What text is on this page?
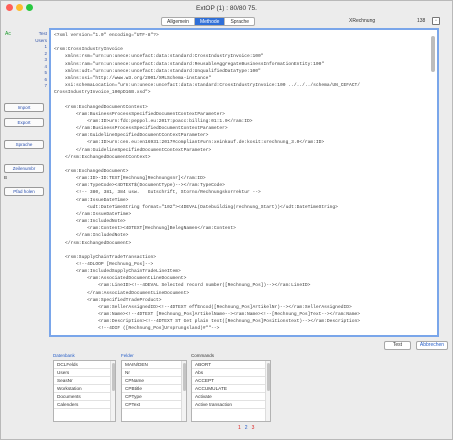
ExtOP (1) : 80/80 75.
Allgemein	Methode	Sprache	XRechnung	138	▫
Ac	Test
Users
1
2
3
4
5
6
7
Import
Export
Sprache
Zeilenumbr
B
Pfad holen
<?xml version="1.0" encoding="UTF-8"?>

<rsm:CrossIndustryInvoice
xmlns:rsm="urn:un:unece:uncefact:data:standard:CrossIndustryInvoice:100"
xmlns:ram="urn:un:unece:uncefact:data:standard:ReusableAggregateBusinessInformationEntity:100"
xmlns:udt="urn:un:unece:uncefact:data:standard:UnqualifiedDataType:100"
xmlns:xsi="http://www.w3.org/2001/XMLSchema-instance"
xsi:schemaLocation="urn:un:unece:uncefact:data:standard:CrossIndustryInvoice:100 ../../../schema/UN_CEFACT/
CrossIndustryInvoice_100pD16B.xsd">

<rsm:ExchangedDocumentContext>
<ram:BusinessProcessSpecifiedDocumentContextParameter>
<ram:ID>urn:fdc:peppol.eu:2017:poacc:billing:01:1.0</ram:ID>
</ram:BusinessProcessSpecifiedDocumentContextParameter>
<ram:GuidelineSpecifiedDocumentContextParameter>
<ram:ID>urn:cen.eu:en16931:2017#compliant#urn:xeinkauf.de:kosit:xrechnung_3.0</ram:ID>
</ram:GuidelineSpecifiedDocumentContextParameter>
</rsm:ExchangedDocumentContext>

<rsm:ExchangedDocument>
<ram:ID>-ID:TEXT[Rechnung]Rechnungsnr]</ram:ID>
<ram:TypeCode><4DTEXT$(DocumentType)--></ram:TypeCode>
<!-- 380, 381, 384 usw.   Gutschrift, Storno/Rechnungskorrektur -->
<ram:IssueDateTime>
<udt:DateTimeString format="102"><4DEVAL(Datebuilding(rechnung_Start))</udt:DateTimeString>
</ram:IssueDateTime>
<ram:IncludedNote>
<ram:Content><4DTEXT[Rechnung]BelegNamen</ram:Content>
</ram:IncludedNote>
</rsm:ExchangedDocument>

<rsm:SupplyChainTradeTransaction>
<!--4DLOOP [Rechnung_Pos]-->
<ram:IncludedSupplyChainTradeLineItem>
<ram:AssociatedDocumentLineDocument>
<ram:LineID><!--4DEVAL Selected record number([Rechnung_Pos])--></ram:LineID>
</ram:AssociatedDocumentLineDocument>
<ram:SpecifiedTradeProduct>
<ram:SellerAssignedID><!--4DTEXT effEncod([Rechnung_Pos]ArtikelNr)--></ram:SellerAssignedID>
<ram:Name><!--4DTEXT [Rechnung_Pos]ArtikelName--><ram:Name><!--[Rechnung_Pos]Text--></ram:Name>
<ram:Description><!--4DTEXT ST Get plain text([Rechnung_Pos]Positionstext)--></ram:Description>
<!--4DIF ([Rechnung_Pos]Ursprungsland)#""-->
Test	Abbrechen
Datenbank
DCLFelds
Users
SeasNr
Workstation
Documents
Calenders
Felder
MAIN/DEN
Nr
CPName
CPBtitle
CPType
CPText
Commands
ABORT
Abs
ACCEPT
ACCUMULATE
Activate
Active transaction
1 2 3
